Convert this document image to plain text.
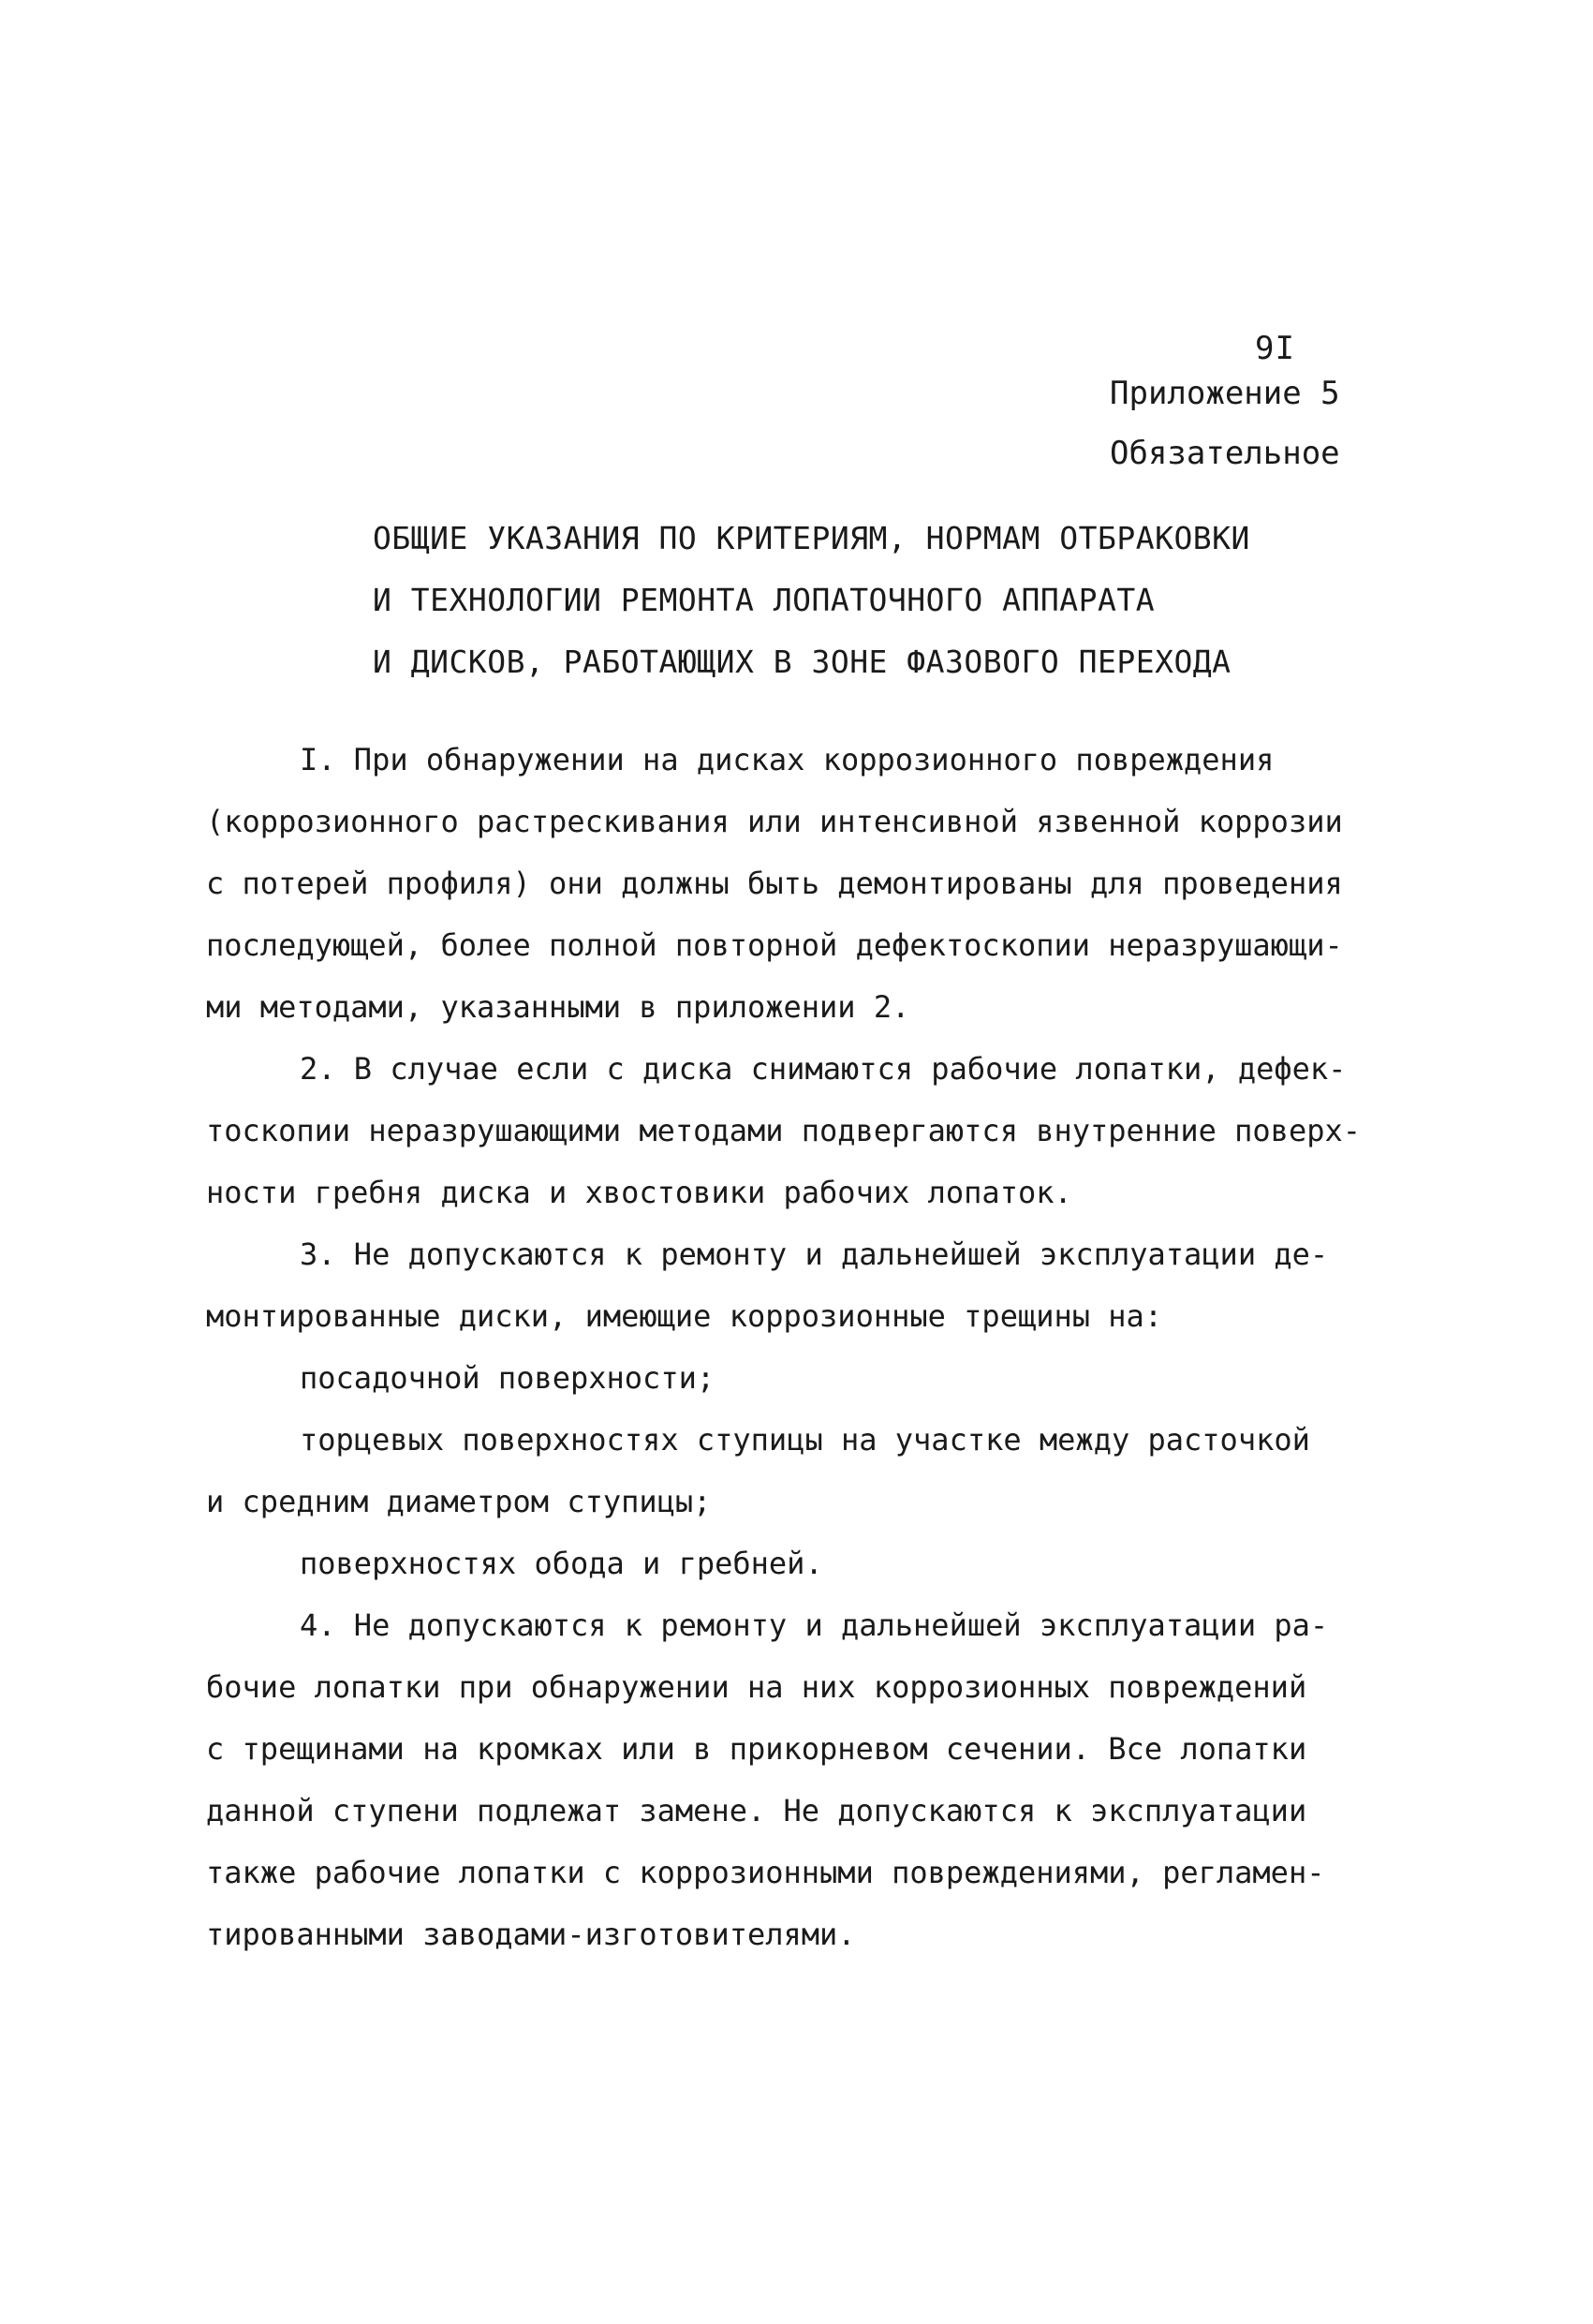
9I
Приложение 5
Обязательное
ОБЩИЕ УКАЗАНИЯ ПО КРИТЕРИЯМ, НОРМАМ ОТБРАКОВКИ
И ТЕХНОЛОГИИ РЕМОНТА ЛОПАТОЧНОГО АППАРАТА
И ДИСКОВ, РАБОТАЮЩИХ В ЗОНЕ ФАЗОВОГО ПЕРЕХОДА
I. При обнаружении на дисках коррозионного повреждения
(коррозионного растрескивания или интенсивной язвенной коррозии
с потерей профиля) они должны быть демонтированы для проведения
последующей, более полной повторной дефектоскопии неразрушающи-
ми методами, указанными в приложении 2.
2. В случае если с диска снимаются рабочие лопатки, дефек-
тоскопии неразрушающими методами подвергаются внутренние поверх-
ности гребня диска и хвостовики рабочих лопаток.
3. Не допускаются к ремонту и дальнейшей эксплуатации де-
монтированные диски, имеющие коррозионные трещины на:
посадочной поверхности;
торцевых поверхностях ступицы на участке между расточкой
и средним диаметром ступицы;
поверхностях обода и гребней.
4. Не допускаются к ремонту и дальнейшей эксплуатации ра-
бочие лопатки при обнаружении на них коррозионных повреждений
с трещинами на кромках или в прикорневом сечении. Все лопатки
данной ступени подлежат замене. Не допускаются к эксплуатации
также рабочие лопатки с коррозионными повреждениями, регламен-
тированными заводами-изготовителями.
